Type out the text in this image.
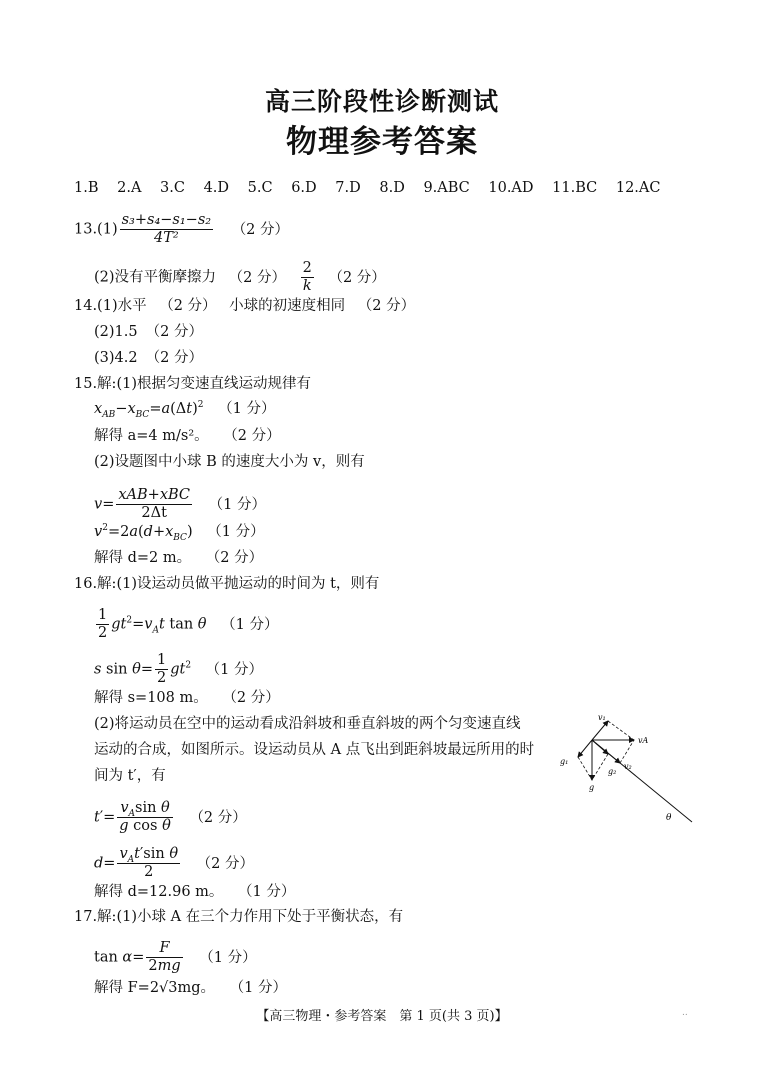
高三阶段性诊断测试
物理参考答案
1.B 2.A 3.C 4.D 5.C 6.D 7.D 8.D 9.ABC 10.AD 11.BC 12.AC
$13.(1) \frac{\text{s₃+s₄−s₁−s₂}}{\text{4T²}} (2$ 分）
(2)没有平衡摩擦力 （2 分） $\frac{2}{k} (2$ 分）
14.(1)水平 （2 分） 小球的初速度相同 （2 分）
(2)1.5 （2 分）
(3)4.2 （2 分）
15.解:(1)根据匀变速直线运动规律有
$x_{AB}-x_{BC}=a(\Delta t)^2$ （1 分）
解得 a=4 m/s²。 （2 分）
(2)设题图中小球 B 的速度大小为 v，则有
$v= \frac{\text{xAB+xBC}}{2\Delta t} (1$ 分）
$v^2=2a(d+x_{BC})$ （1 分）
解得 d=2 m。 （2 分）
16.解:(1)设运动员做平抛运动的时间为 t，则有
$\frac{1}{2} gt^2=v_At$ tan θ （1 分）
s $\sin \theta= \frac{1}{2} gt^2$ （1 分）
解得 s=108 m。 （2 分）
(2)将运动员在空中的运动看成沿斜坡和垂直斜坡的两个匀变速直线
运动的合成，如图所示。设运动员从 A 点飞出到距斜坡最远所用的时
间为 t′，有
$t'= \frac{v_A\sin \theta}{\text{g cos θ}} (2$ 分）
$d= \frac{v_At'\sin \theta}{2} (2$ 分）
解得 d=12.96 m。 （1 分）
17.解:(1)小球 A 在三个力作用下处于平衡状态，有
$\tan \alpha= \frac{F}{2mg} (1$ 分）
解得 F=2√3mg。 （1 分）
v₁
vA
v₂
g₁
g₂
g
θ
【高三物理・参考答案　第 1 页(共 3 页)】	..
